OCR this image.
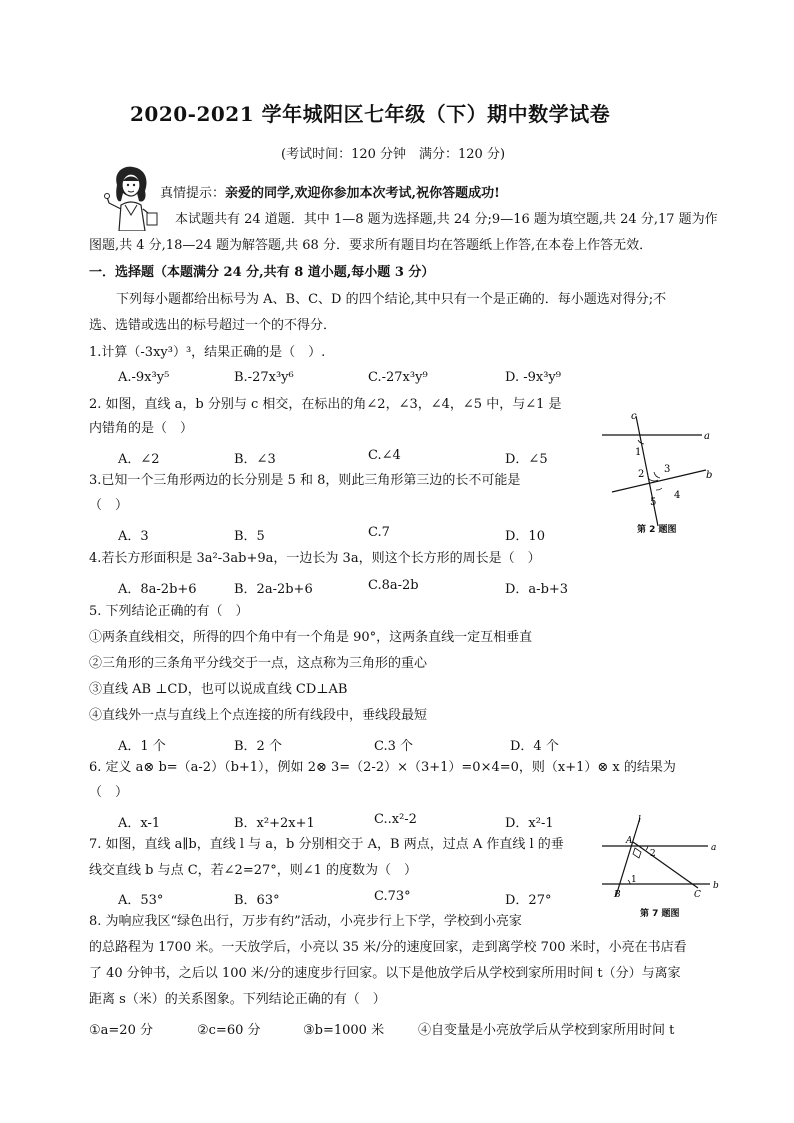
2020-2021 学年城阳区七年级（下）期中数学试卷
(考试时间：120 分钟　满分：120 分)
真情提示：亲爱的同学,欢迎你参加本次考试,祝你答题成功!
本试题共有 24 道题．其中 1—8 题为选择题,共 24 分;9—16 题为填空题,共 24 分,17 题为作
图题,共 4 分,18—24 题为解答题,共 68 分．要求所有题目均在答题纸上作答,在本卷上作答无效．
一．选择题（本题满分 24 分,共有 8 道小题,每小题 3 分）
下列每小题都给出标号为 A、B、C、D 的四个结论,其中只有一个是正确的．每小题选对得分;不
选、选错或选出的标号超过一个的不得分．
1.计算（-3xy³）³，结果正确的是（　）.
A.-9x³y⁵	B.-27x³y⁶	C.-27x³y⁹	D. -9x³y⁹
2. 如图，直线 a，b 分别与 c 相交，在标出的角∠2，∠3，∠4，∠5 中，与∠1 是
内错角的是（　）
A．∠2	B．∠3	C.∠4	D．∠5
c
a
1
2 3
b
5
4
第 2 题图
3.已知一个三角形两边的长分别是 5 和 8，则此三角形第三边的长不可能是
（　）
A．3	B．5	C.7	D．10
4.若长方形面积是 3a²-3ab+9a，一边长为 3a，则这个长方形的周长是（　）
A．8a-2b+6	B．2a-2b+6	C.8a-2b	D．a-b+3
5. 下列结论正确的有（　）
①两条直线相交，所得的四个角中有一个角是 90°，这两条直线一定互相垂直
②三角形的三条角平分线交于一点，这点称为三角形的重心
③直线 AB ⊥CD，也可以说成直线 CD⊥AB
④直线外一点与直线上个点连接的所有线段中，垂线段最短
A．1 个	B．2 个	C.3 个	D．4 个
6. 定义 a⊗ b=（a-2）（b+1），例如 2⊗ 3=（2-2）×（3+1）=0×4=0，则（x+1）⊗ x 的结果为
（　）
A．x-1	B．x²+2x+1	C..x²-2	D．x²-1
7. 如图，直线 a∥b，直线 l 与 a，b 分别相交于 A，B 两点，过点 A 作直线 l 的垂
线交直线 b 与点 C，若∠2=27°，则∠1 的度数为（　）
A．53°	B．63°	C.73°	D．27°
l
A
2
a
B
1
C
b
第 7 题图
8. 为响应我区“绿色出行，万步有约”活动，小亮步行上下学，学校到小亮家
的总路程为 1700 米。一天放学后，小亮以 35 米/分的速度回家，走到离学校 700 米时，小亮在书店看
了 40 分钟书，之后以 100 米/分的速度步行回家。以下是他放学后从学校到家所用时间 t（分）与离家
距离 s（米）的关系图象。下列结论正确的有（　）
①a=20 分	②c=60 分	③b=1000 米	④自变量是小亮放学后从学校到家所用时间 t
